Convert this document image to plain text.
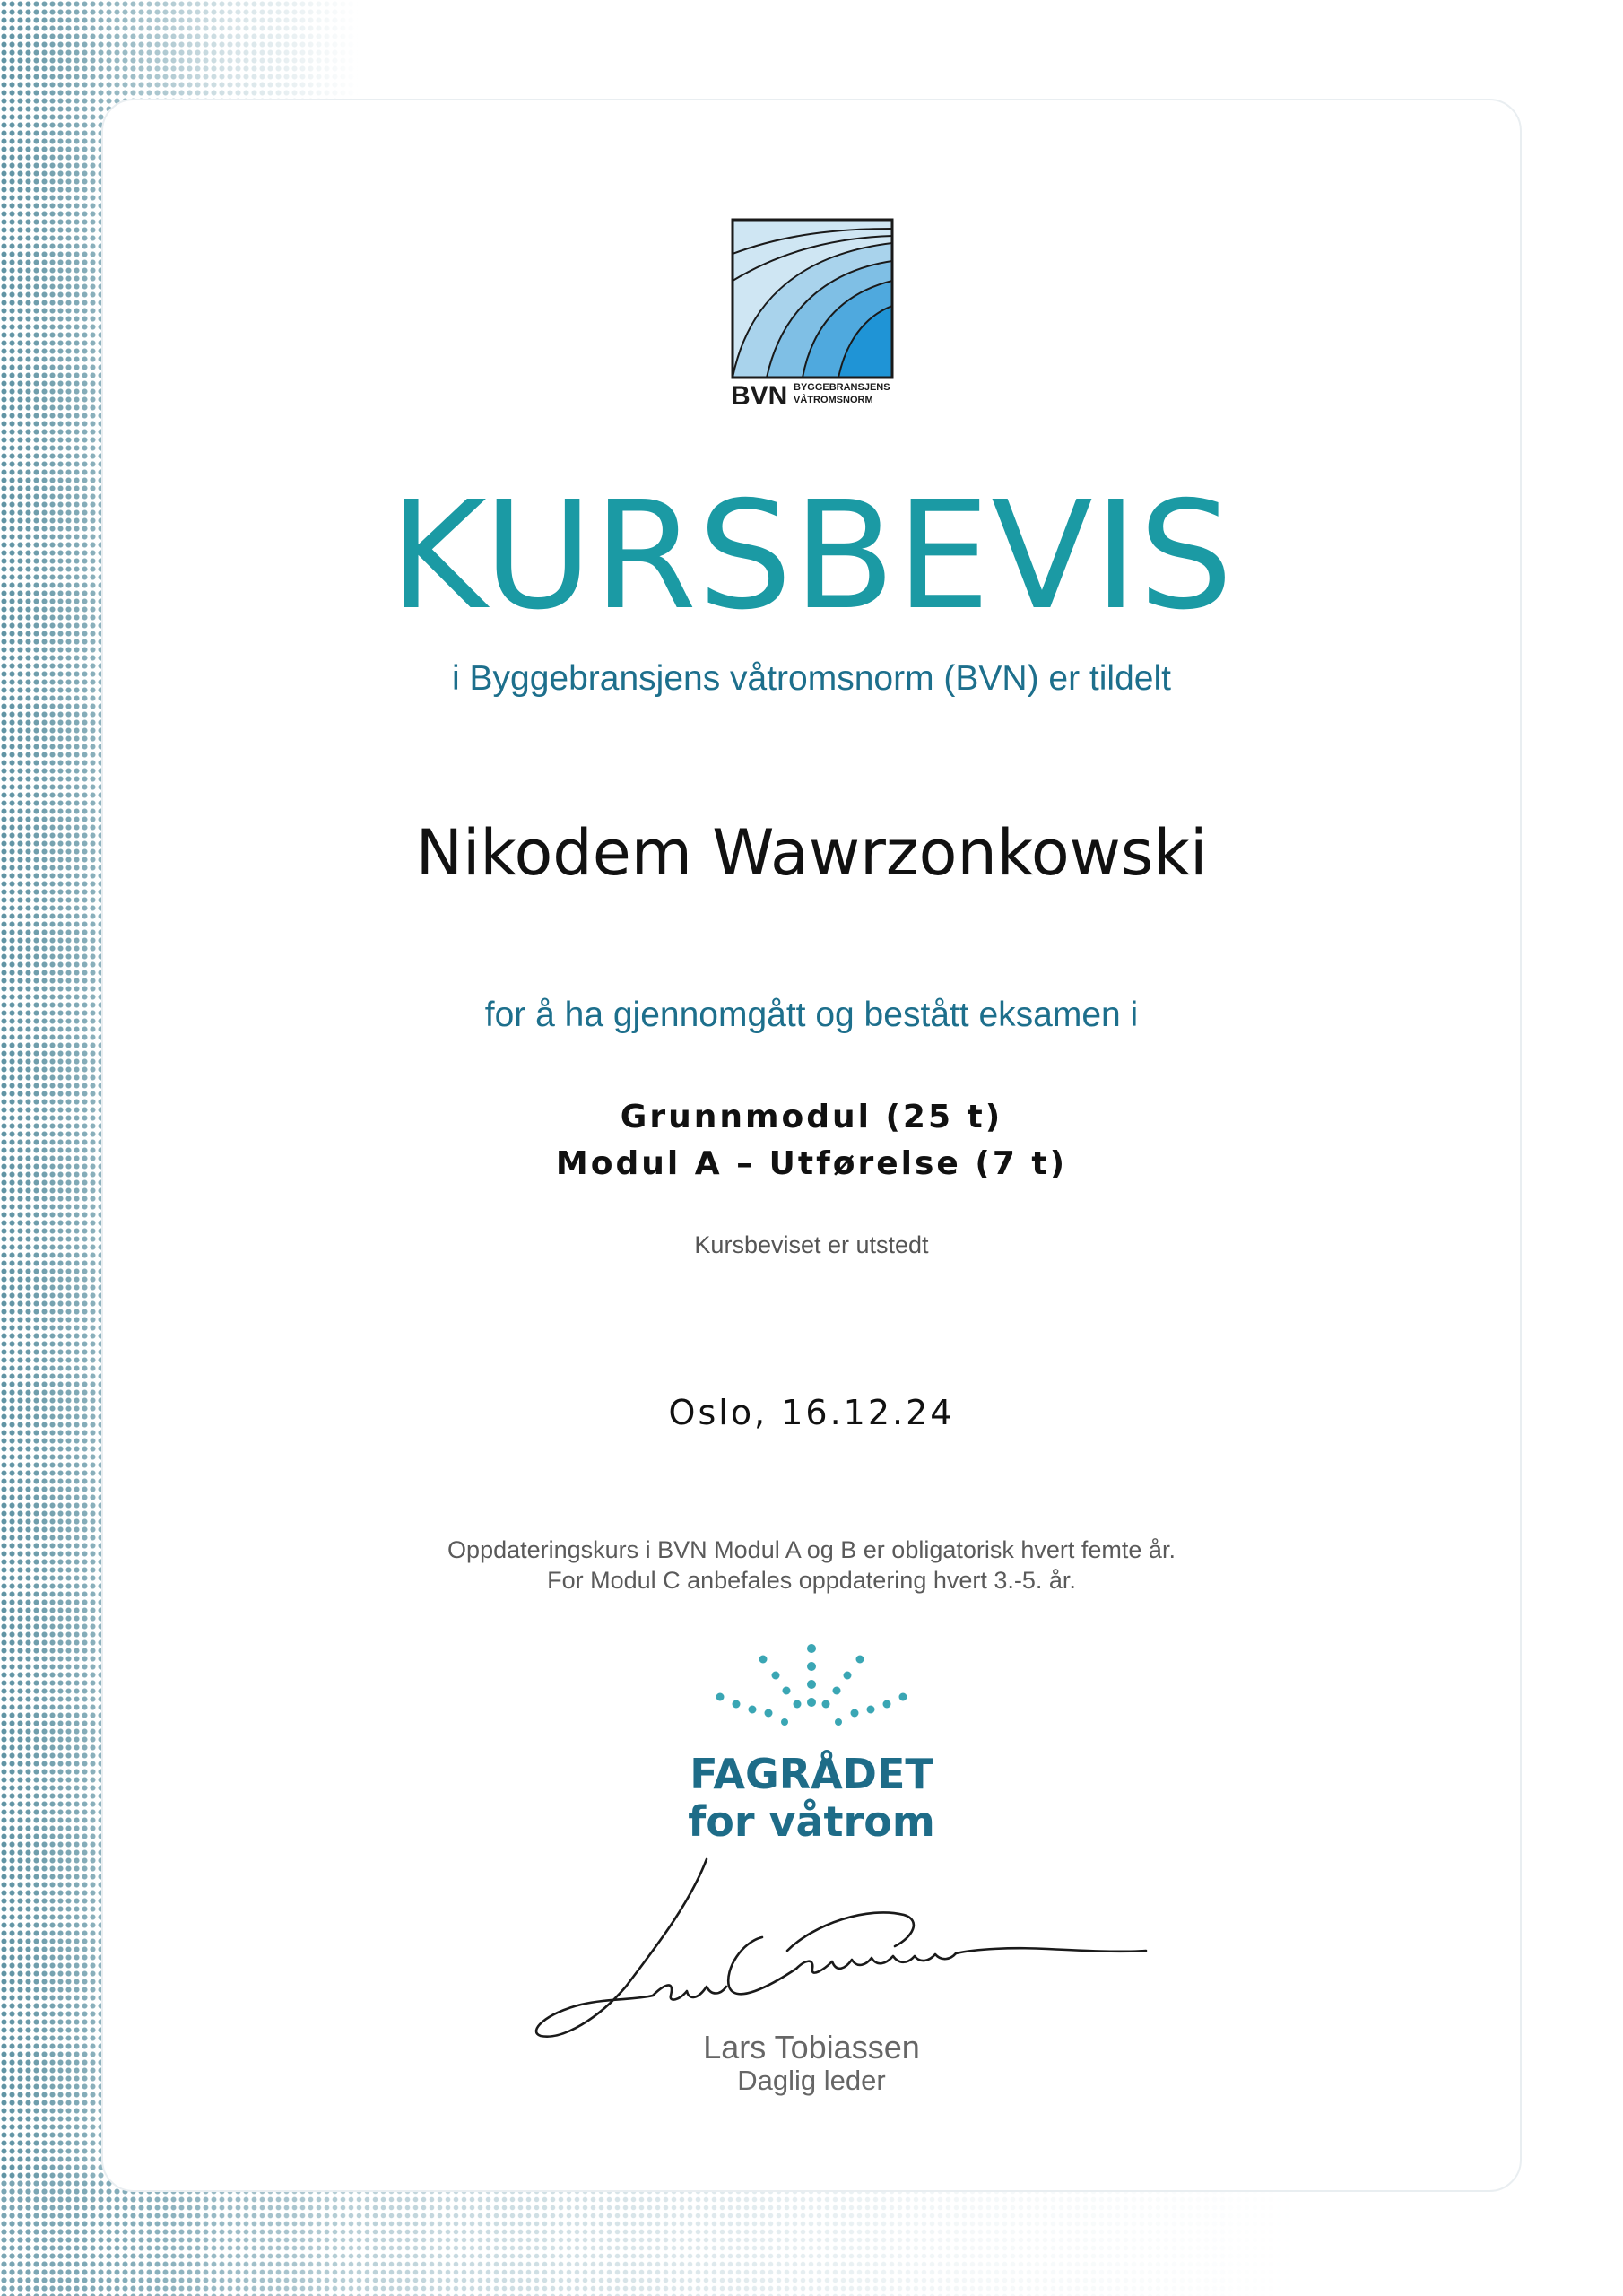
BVN BYGGEBRANSJENS
VÅTROMSNORM
KURSBEVIS
i Byggebransjens våtromsnorm (BVN) er tildelt
Nikodem Wawrzonkowski
for å ha gjennomgått og bestått eksamen i
Grunnmodul (25 t)
Modul A – Utførelse (7 t)
Kursbeviset er utstedt
Oslo, 16.12.24
Oppdateringskurs i BVN Modul A og B er obligatorisk hvert femte år.
For Modul C anbefales oppdatering hvert 3.-5. år.
FAGRÅDET
for våtrom
Lars Tobiassen
Daglig leder
